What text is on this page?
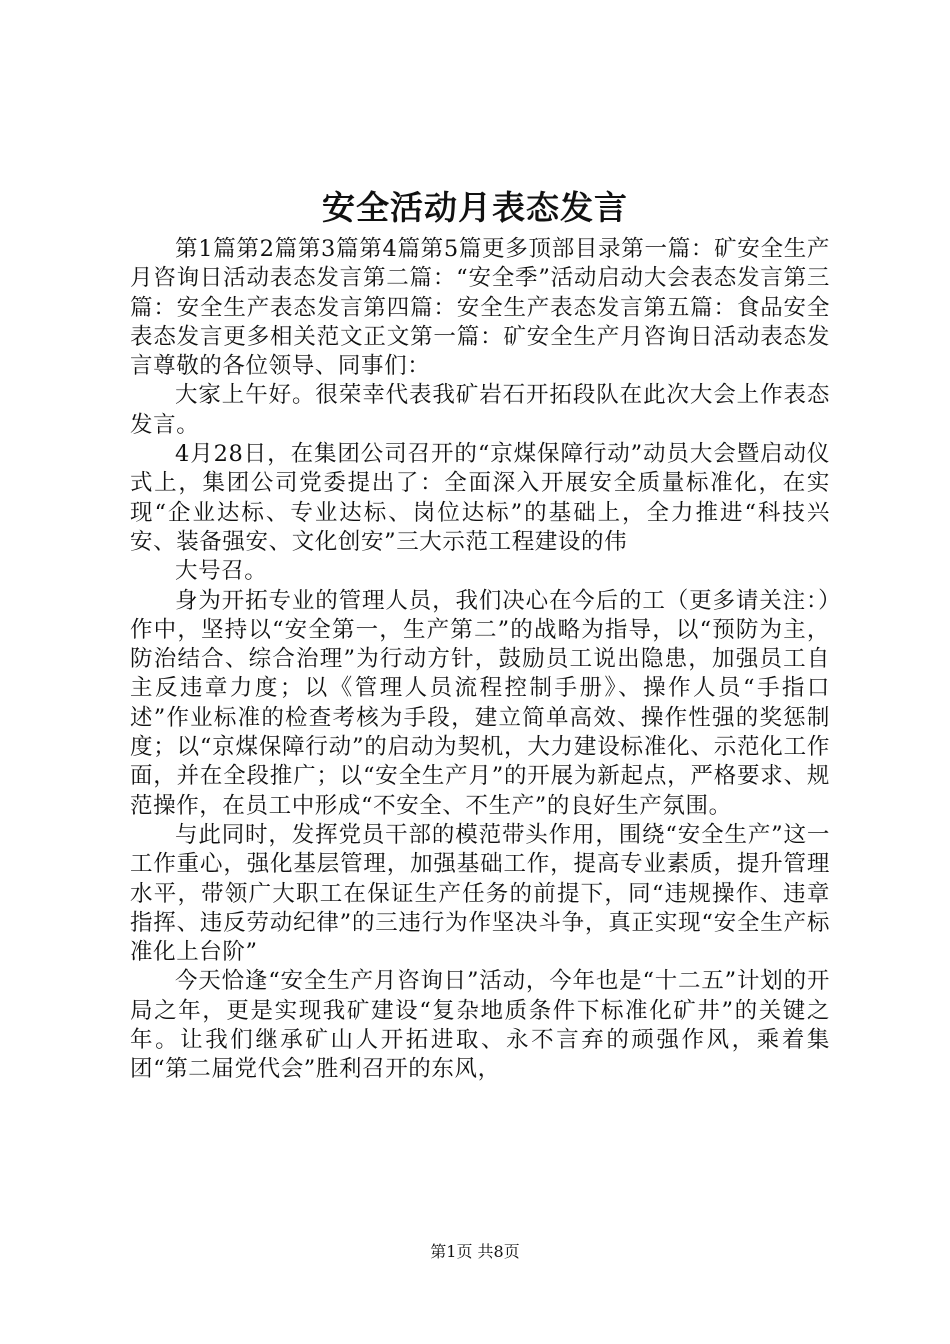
安全活动月表态发言

第1篇第2篇第3篇第4篇第5篇更多顶部目录第一篇：矿安全生产月咨询日活动表态发言第二篇：“安全季”活动启动大会表态发言第三篇：安全生产表态发言第四篇：安全生产表态发言第五篇：食品安全表态发言更多相关范文正文第一篇：矿安全生产月咨询日活动表态发言尊敬的各位领导、同事们：

大家上午好。很荣幸代表我矿岩石开拓段队在此次大会上作表态发言。

4月28日，在集团公司召开的“京煤保障行动”动员大会暨启动仪式上，集团公司党委提出了：全面深入开展安全质量标准化，在实现“企业达标、专业达标、岗位达标”的基础上，全力推进“科技兴安、装备强安、文化创安”三大示范工程建设的伟

大号召。

身为开拓专业的管理人员，我们决心在今后的工（更多请关注：）作中，坚持以“安全第一，生产第二”的战略为指导，以“预防为主，防治结合、综合治理”为行动方针，鼓励员工说出隐患，加强员工自主反违章力度；以《管理人员流程控制手册》、操作人员“手指口述”作业标准的检查考核为手段，建立简单高效、操作性强的奖惩制度；以“京煤保障行动”的启动为契机，大力建设标准化、示范化工作面，并在全段推广；以“安全生产月”的开展为新起点，严格要求、规范操作，在员工中形成“不安全、不生产”的良好生产氛围。

与此同时，发挥党员干部的模范带头作用，围绕“安全生产”这一工作重心，强化基层管理，加强基础工作，提高专业素质，提升管理水平，带领广大职工在保证生产任务的前提下，同“违规操作、违章指挥、违反劳动纪律”的三违行为作坚决斗争，真正实现“安全生产标准化上台阶”

今天恰逢“安全生产月咨询日”活动，今年也是“十二五”计划的开局之年，更是实现我矿建设“复杂地质条件下标准化矿井”的关键之年。让我们继承矿山人开拓进取、永不言弃的顽强作风，乘着集团“第二届党代会”胜利召开的东风，

第1页 共8页
